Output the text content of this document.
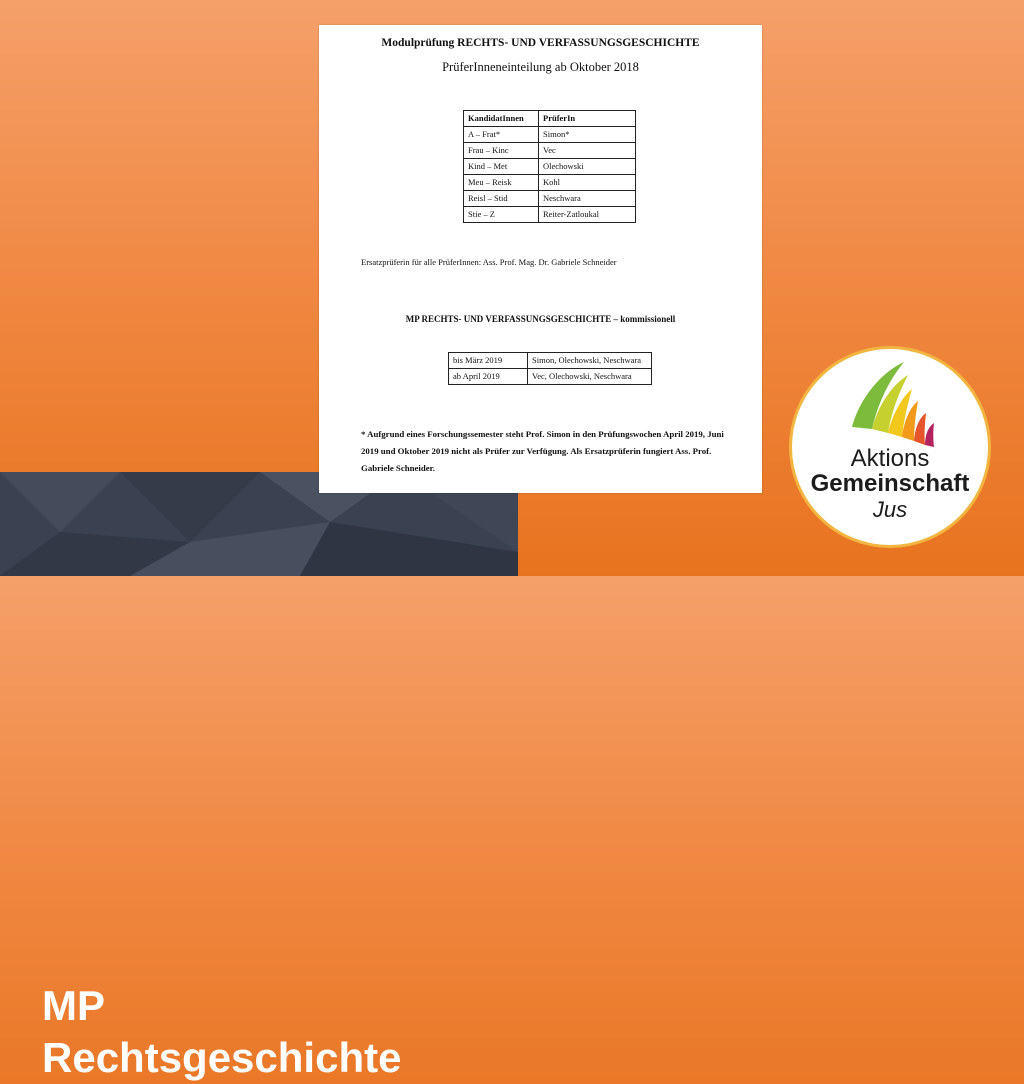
MP
Rechtsgeschichte
Modulprüfung RECHTS- UND VERFASSUNGSGESCHICHTE
PrüferInneneinteilung ab Oktober 2018
KandidatInnen	PrüferIn
A – Frat*	Simon*
Frau – Kinc	Vec
Kind – Met	Olechowski
Meu – Reisk	Kohl
Reisl – Stid	Neschwara
Stie – Z	Reiter-Zatloukal
Ersatzprüferin für alle PrüferInnen: Ass. Prof. Mag. Dr. Gabriele Schneider
MP RECHTS- UND VERFASSUNGSGESCHICHTE – kommissionell
bis März 2019	Simon, Olechowski, Neschwara
ab April 2019	Vec, Olechowski, Neschwara
* Aufgrund eines Forschungssemester steht Prof. Simon in den Prüfungswochen April 2019, Juni 2019 und Oktober 2019 nicht als Prüfer zur Verfügung. Als Ersatzprüferin fungiert Ass. Prof. Gabriele Schneider.	Aktions
Gemeinschaft
Jus
